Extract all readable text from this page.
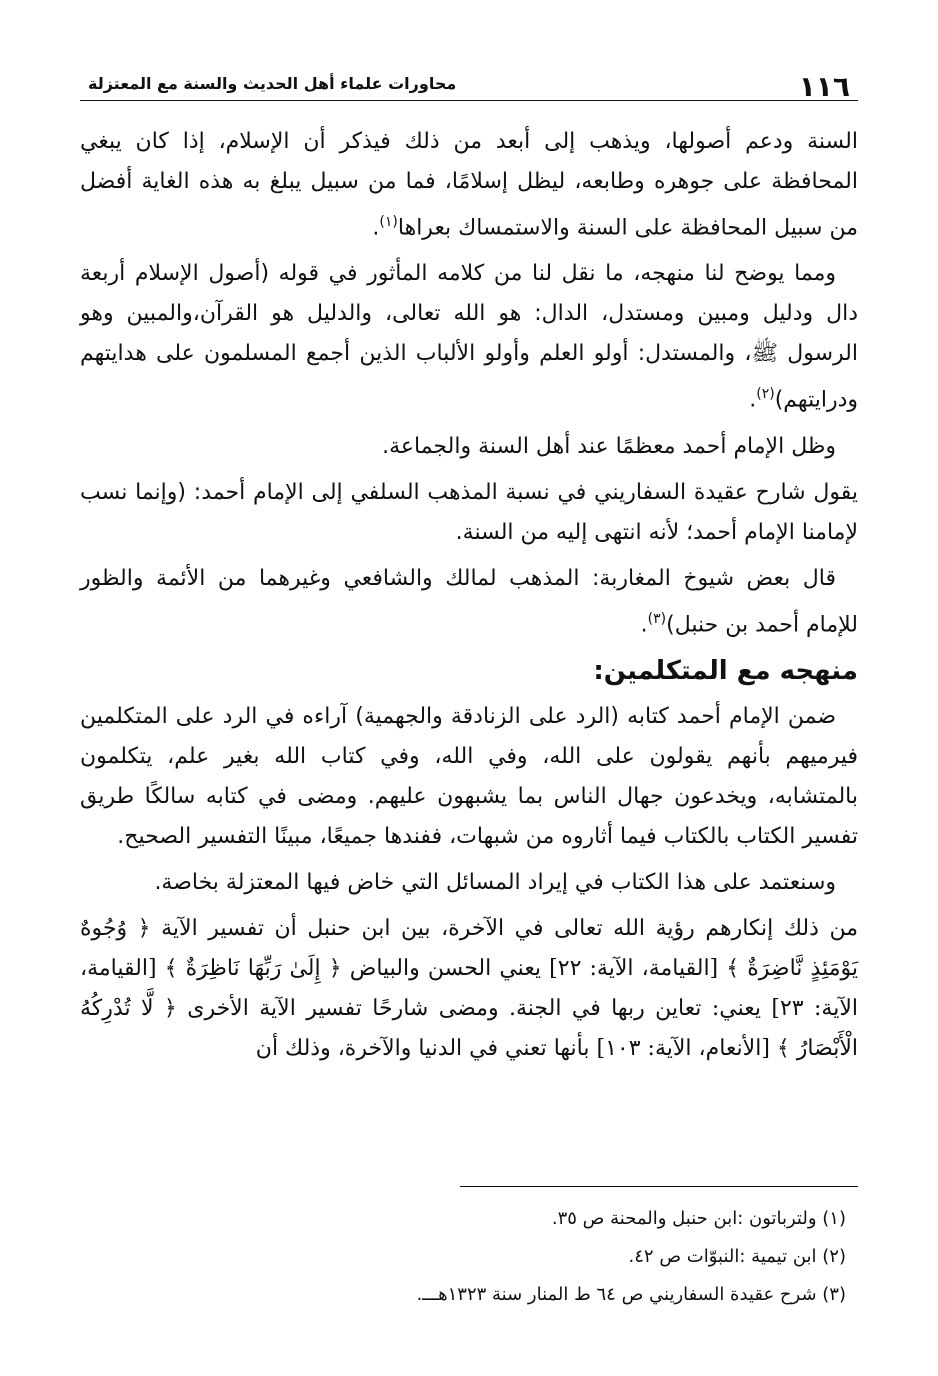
١١٦
محاورات علماء أهل الحديث والسنة مع المعتزلة

السنة ودعم أصولها، ويذهب إلى أبعد من ذلك فيذكر أن الإسلام، إذا كان يبغي المحافظة على جوهره وطابعه، ليظل إسلامًا، فما من سبيل يبلغ به هذه الغاية أفضل من سبيل المحافظة على السنة والاستمساك بعراها$^{(١)}$.

ومما يوضح لنا منهجه، ما نقل لنا من كلامه المأثور في قوله (أصول الإسلام أربعة دال ودليل ومبين ومستدل، الدال: هو الله تعالى، والدليل هو القرآن،والمبين وهو الرسول ﷺ، والمستدل: أولو العلم وأولو الألباب الذين أجمع المسلمون على هدايتهم ودرايتهم)$^{(٢)}$.

وظل الإمام أحمد معظمًا عند أهل السنة والجماعة.

يقول شارح عقيدة السفاريني في نسبة المذهب السلفي إلى الإمام أحمد: (وإنما نسب لإمامنا الإمام أحمد؛ لأنه انتهى إليه من السنة.

قال بعض شيوخ المغاربة: المذهب لمالك والشافعي وغيرهما من الأئمة والظور للإمام أحمد بن حنبل)$^{(٣)}$.

منهجه مع المتكلمين:

ضمن الإمام أحمد كتابه (الرد على الزنادقة والجهمية) آراءه في الرد على المتكلمين فيرميهم بأنهم يقولون على الله، وفي الله، وفي كتاب الله بغير علم، يتكلمون بالمتشابه، ويخدعون جهال الناس بما يشبهون عليهم. ومضى في كتابه سالكًا طريق تفسير الكتاب بالكتاب فيما أثاروه من شبهات، ففندها جميعًا، مبينًا التفسير الصحيح.

وسنعتمد على هذا الكتاب في إيراد المسائل التي خاض فيها المعتزلة بخاصة.

من ذلك إنكارهم رؤية الله تعالى في الآخرة، بين ابن حنبل أن تفسير الآية ﴿ وُجُوهٌ يَوْمَئِذٍ نَّاضِرَةٌ ﴾ [القيامة، الآية: ٢٢] يعني الحسن والبياض ﴿ إِلَىٰ رَبِّهَا نَاظِرَةٌ ﴾ [القيامة، الآية: ٢٣] يعني: تعاين ربها في الجنة. ومضى شارحًا تفسير الآية الأخرى ﴿ لَّا تُدْرِكُهُ الْأَبْصَارُ ﴾ [الأنعام، الآية: ١٠٣] بأنها تعني في الدنيا والآخرة، وذلك أن

(١) ولترباتون :ابن حنبل والمحنة ص ٣٥.

(٢) ابن تيمية :النبوّات ص ٤٢.

(٣) شرح عقيدة السفاريني ص ٦٤ ط المنار سنة ١٣٢٣هـــ.
